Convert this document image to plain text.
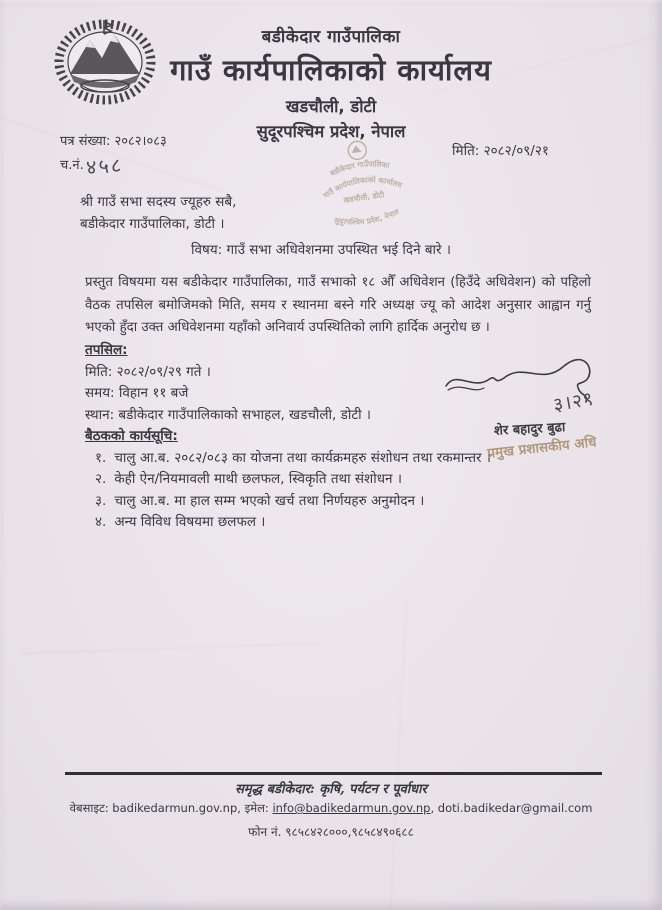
बडीकेदार गाउँपालिका
गाउँ कार्यपालिकाको कार्यालय
खडचौली, डोटी
सुदूरपश्चिम प्रदेश, नेपाल
पत्र संख्या: २०८२।०८३
च.नं.४५८
मिति: २०८२/०९/२१
बडीकेदार गाउँपालिका
गाउँ कार्यपालिकाको कार्यालय
खडचौली, डोटी
सुदूरपश्चिम प्रदेश, नेपाल
श्री गाउँ सभा सदस्य ज्यूहरु सबै,
बडीकेदार गाउँपालिका, डोटी ।
विषय: गाउँ सभा अधिवेशनमा उपस्थित भई दिने बारे ।
प्रस्तुत विषयमा यस बडीकेदार गाउँपालिका, गाउँ सभाको १८ औँ अधिवेशन (हिउँदे अधिवेशन) को पहिलो वैठक तपसिल बमोजिमको मिति, समय र स्थानमा बस्ने गरि अध्यक्ष ज्यू को आदेश अनुसार आह्वान गर्नु भएको हुँदा उक्त अधिवेशनमा यहाँको अनिवार्य उपस्थितिको लागि हार्दिक अनुरोध छ ।
तपसिल:
मिति: २०८२/०९/२९ गते ।
समय: विहान ११ बजे
स्थान: बडीकेदार गाउँपालिकाको सभाहल, खडचौली, डोटी ।
बैठकको कार्यसूचि:
१. चालु आ.ब. २०८२/०८३ का योजना तथा कार्यक्रमहरु संशोधन तथा रकमान्तर ।
२. केही ऐन/नियमावली माथी छलफल, स्विकृति तथा संशोधन ।
३. चालु आ.ब. मा हाल सम्म भएको खर्च तथा निर्णयहरु अनुमोदन ।
४. अन्य विविध विषयमा छलफल ।
३।२९
शेर बहादुर बुढा
प्रमुख प्रशासकीय अधि
समृद्ध बडीकेदार: कृषि, पर्यटन र पूर्वाधार
वेबसाइट: badikedarmun.gov.np, इमेल: info@badikedarmun.gov.np, doti.badikedar@gmail.com
फोन नं. ९८५८४२८०००,९८५८४९०६८८
